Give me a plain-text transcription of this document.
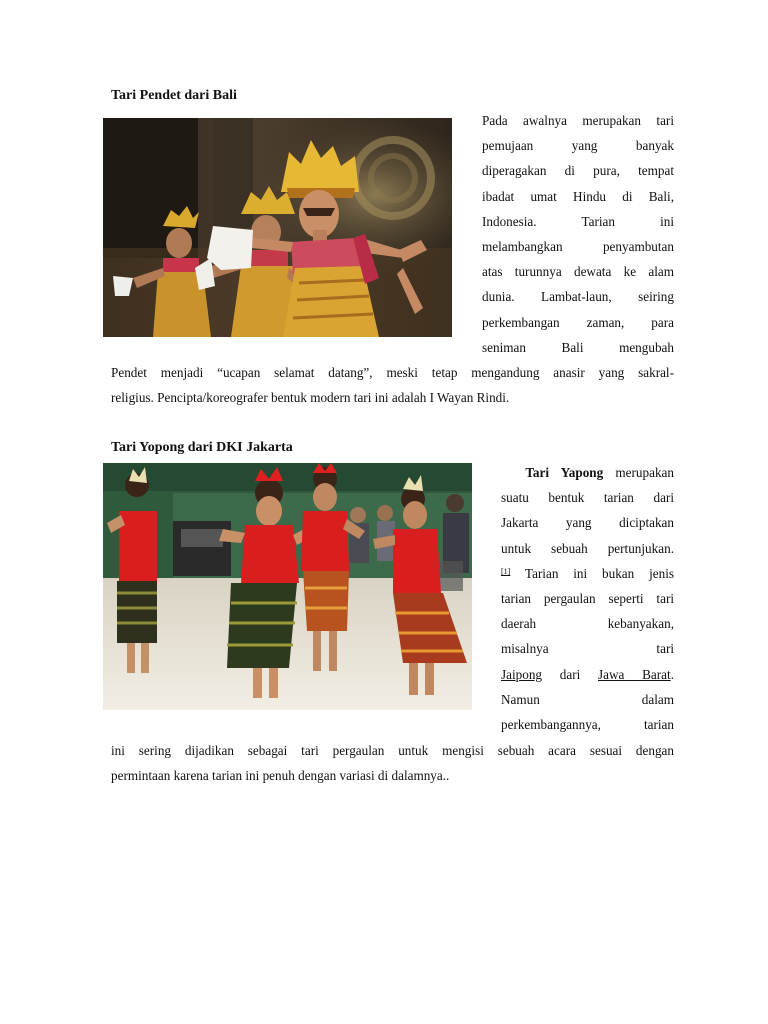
Tari Pendet dari Bali
Pada awalnya merupakan tari
pemujaan yang banyak
diperagakan di pura, tempat
ibadat umat Hindu di Bali,
Indonesia. Tarian ini
melambangkan penyambutan
atas turunnya dewata ke alam
dunia. Lambat-laun, seiring
perkembangan zaman, para
seniman Bali mengubah
Pendet menjadi “ucapan selamat datang”, meski tetap mengandung anasir yang sakral-
religius. Pencipta/koreografer bentuk modern tari ini adalah I Wayan Rindi.
Tari Yopong dari DKI Jakarta
Tari Yapong merupakan
suatu bentuk tarian dari
Jakarta yang diciptakan
untuk sebuah pertunjukan.
[1] Tarian ini bukan jenis
tarian pergaulan seperti tari
daerah kebanyakan,
misalnya tari
Jaipong dari Jawa Barat.
Namun dalam
perkembangannya, tarian
ini sering dijadikan sebagai tari pergaulan untuk mengisi sebuah acara sesuai dengan
permintaan karena tarian ini penuh dengan variasi di dalamnya..
